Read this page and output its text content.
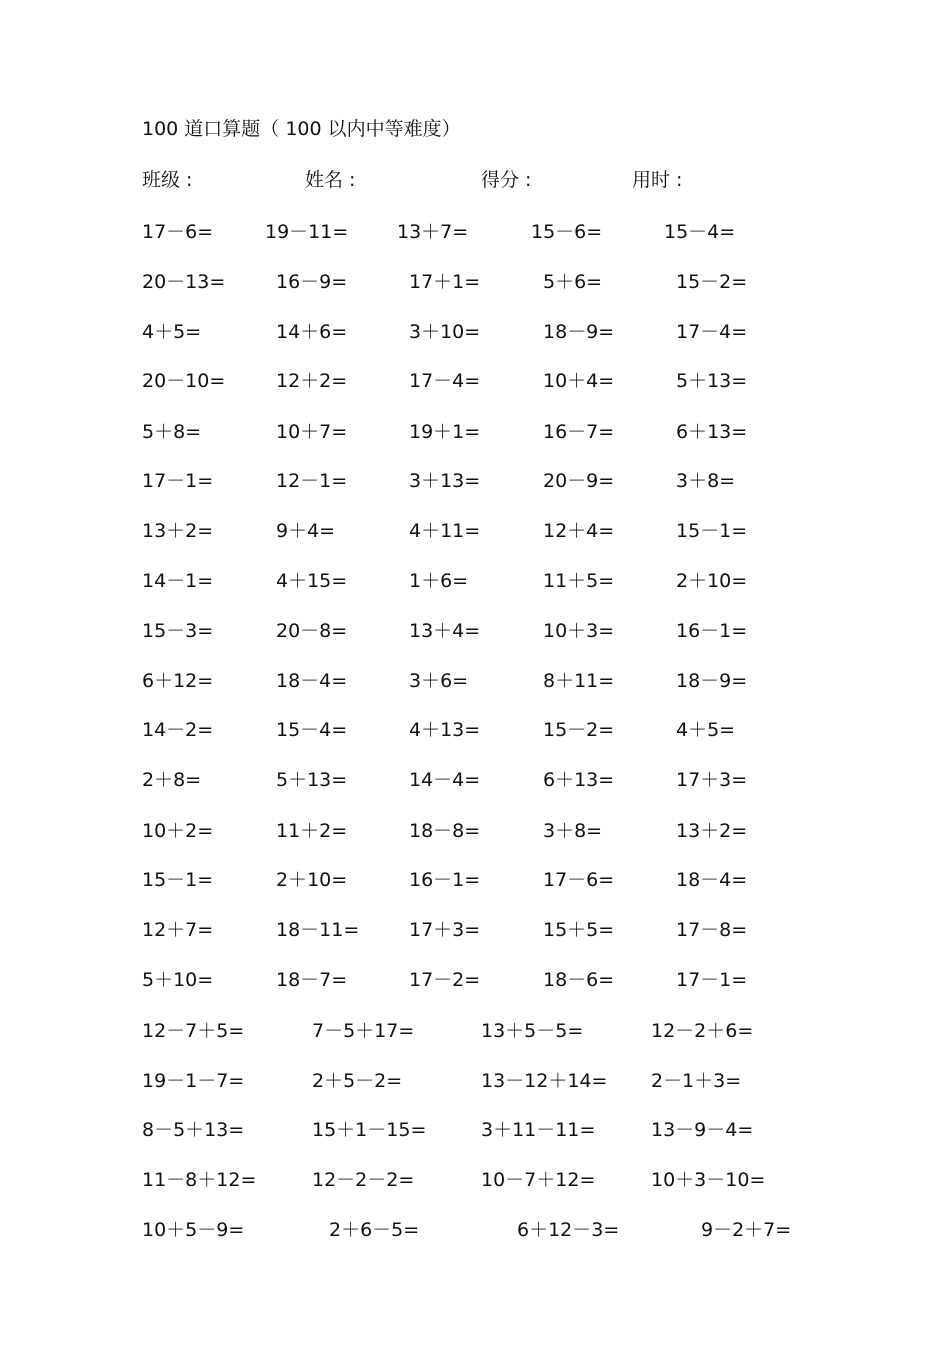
100 道口算题（ 100 以内中等难度）
班级 :	姓名 :	得分 :	用时 :
17－6=	19－11=	13＋7=	15－6=	15－4=
20－13=	16－9=	17＋1=	5＋6=	15－2=
4＋5=	14＋6=	3＋10=	18－9=	17－4=
20－10=	12＋2=	17－4=	10＋4=	5＋13=
5＋8=	10＋7=	19＋1=	16－7=	6＋13=
17－1=	12－1=	3＋13=	20－9=	3＋8=
13＋2=	9＋4=	4＋11=	12＋4=	15－1=
14－1=	4＋15=	1＋6=	11＋5=	2＋10=
15－3=	20－8=	13＋4=	10＋3=	16－1=
6＋12=	18－4=	3＋6=	8＋11=	18－9=
14－2=	15－4=	4＋13=	15－2=	4＋5=
2＋8=	5＋13=	14－4=	6＋13=	17＋3=
10＋2=	11＋2=	18－8=	3＋8=	13＋2=
15－1=	2＋10=	16－1=	17－6=	18－4=
12＋7=	18－11=	17＋3=	15＋5=	17－8=
5＋10=	18－7=	17－2=	18－6=	17－1=
12－7＋5=	7－5＋17=	13＋5－5=	12－2＋6=
19－1－7=	2＋5－2=	13－12＋14= 2－1＋3=
8－5＋13=	15＋1－15=	3＋11－11=	13－9－4=
11－8＋12=	12－2－2=	10－7＋12=	10＋3－10=
10＋5－9=	2＋6－5=	6＋12－3=	9－2＋7=
